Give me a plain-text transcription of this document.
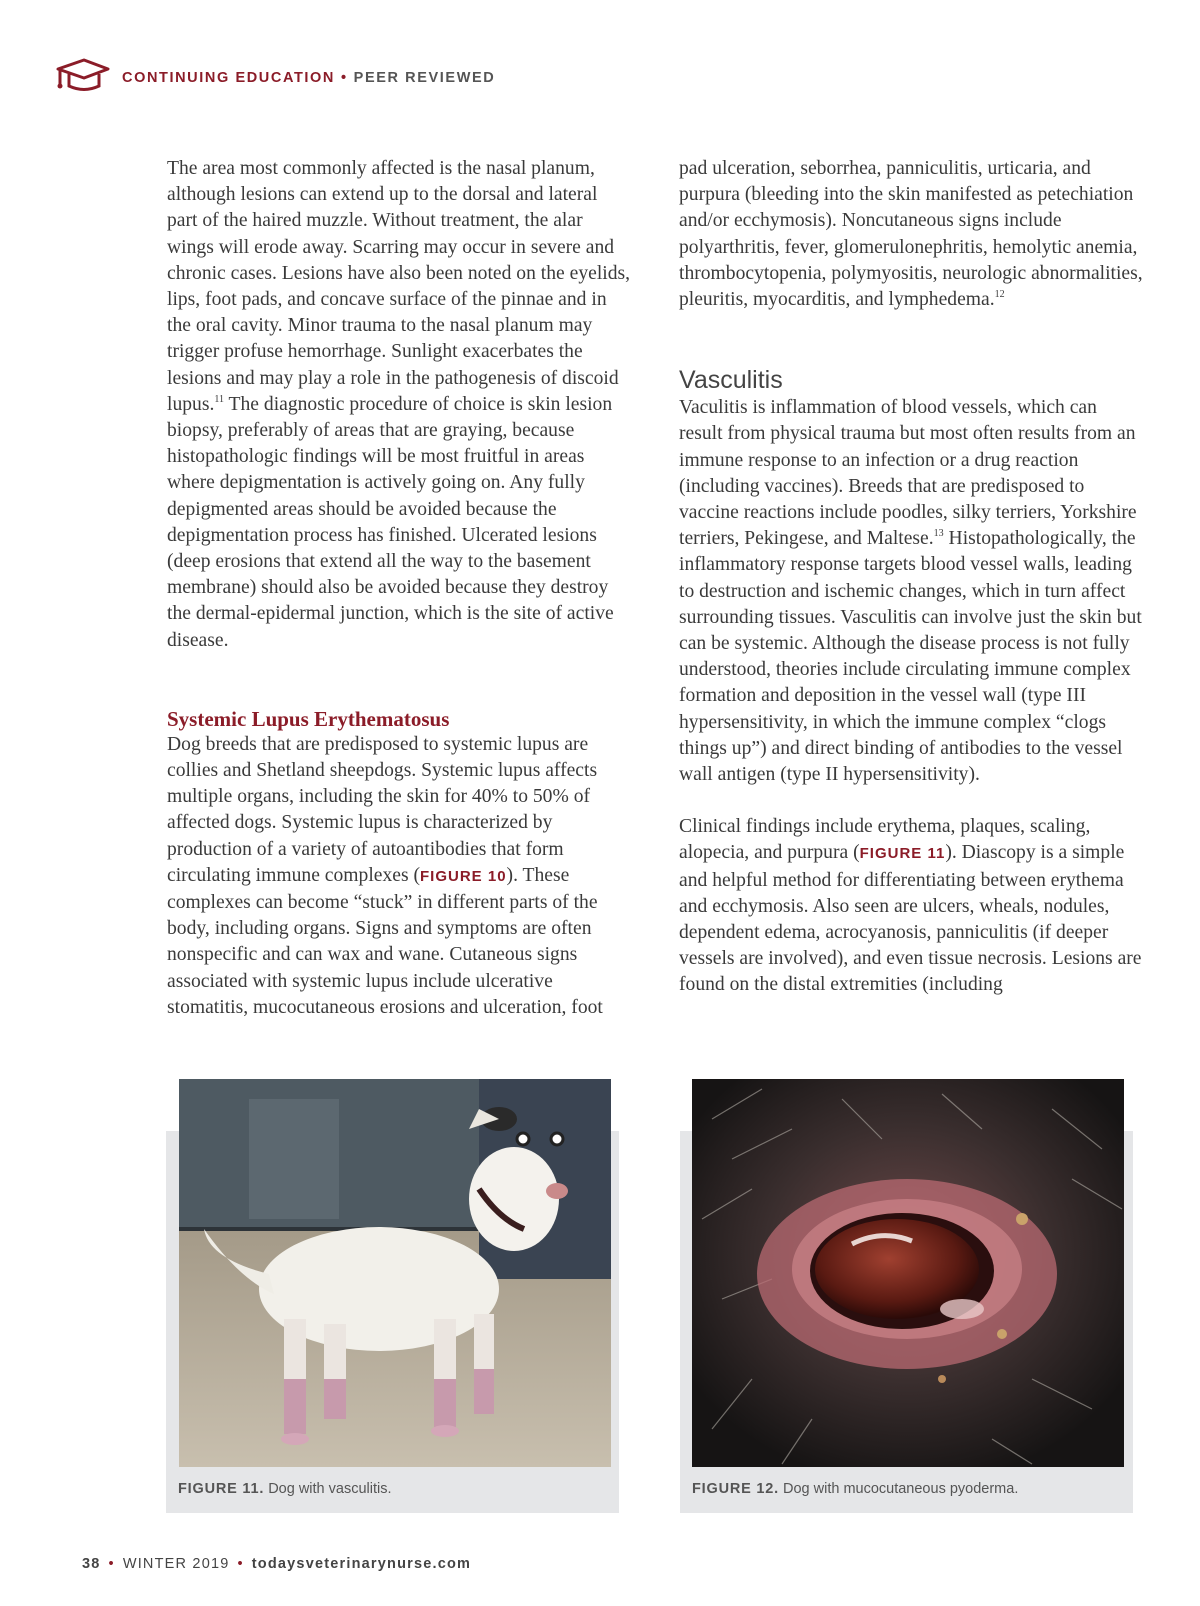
CONTINUING EDUCATION • PEER REVIEWED

The area most commonly affected is the nasal planum, although lesions can extend up to the dorsal and lateral part of the haired muzzle. Without treatment, the alar wings will erode away. Scarring may occur in severe and chronic cases. Lesions have also been noted on the eyelids, lips, foot pads, and concave surface of the pinnae and in the oral cavity. Minor trauma to the nasal planum may trigger profuse hemorrhage. Sunlight exacerbates the lesions and may play a role in the pathogenesis of discoid lupus.$^{11}$ The diagnostic procedure of choice is skin lesion biopsy, preferably of areas that are graying, because histopathologic findings will be most fruitful in areas where depigmentation is actively going on. Any fully depigmented areas should be avoided because the depigmentation process has finished. Ulcerated lesions (deep erosions that extend all the way to the basement membrane) should also be avoided because they destroy the dermal-epidermal junction, which is the site of active disease.

Systemic Lupus Erythematosus

Dog breeds that are predisposed to systemic lupus are collies and Shetland sheepdogs. Systemic lupus affects multiple organs, including the skin for 40% to 50% of affected dogs. Systemic lupus is characterized by production of a variety of autoantibodies that form circulating immune complexes (FIGURE 10). These complexes can become “stuck” in different parts of the body, including organs. Signs and symptoms are often nonspecific and can wax and wane. Cutaneous signs associated with systemic lupus include ulcerative stomatitis, mucocutaneous erosions and ulceration, foot

pad ulceration, seborrhea, panniculitis, urticaria, and purpura (bleeding into the skin manifested as petechiation and/or ecchymosis). Noncutaneous signs include polyarthritis, fever, glomerulonephritis, hemolytic anemia, thrombocytopenia, polymyositis, neurologic abnormalities, pleuritis, myocarditis, and lymphedema.$^{12}$

Vasculitis

Vaculitis is inflammation of blood vessels, which can result from physical trauma but most often results from an immune response to an infection or a drug reaction (including vaccines). Breeds that are predisposed to vaccine reactions include poodles, silky terriers, Yorkshire terriers, Pekingese, and Maltese.$^{13}$ Histopathologically, the inflammatory response targets blood vessel walls, leading to destruction and ischemic changes, which in turn affect surrounding tissues. Vasculitis can involve just the skin but can be systemic. Although the disease process is not fully understood, theories include circulating immune complex formation and deposition in the vessel wall (type III hypersensitivity, in which the immune complex “clogs things up”) and direct binding of antibodies to the vessel wall antigen (type II hypersensitivity).

Clinical findings include erythema, plaques, scaling, alopecia, and purpura (FIGURE 11). Diascopy is a simple and helpful method for differentiating between erythema and ecchymosis. Also seen are ulcers, wheals, nodules, dependent edema, acrocyanosis, panniculitis (if deeper vessels are involved), and even tissue necrosis. Lesions are found on the distal extremities (including

FIGURE 11. Dog with vasculitis.	FIGURE 12. Dog with mucocutaneous pyoderma.
38 • WINTER 2019 • todaysveterinarynurse.com
